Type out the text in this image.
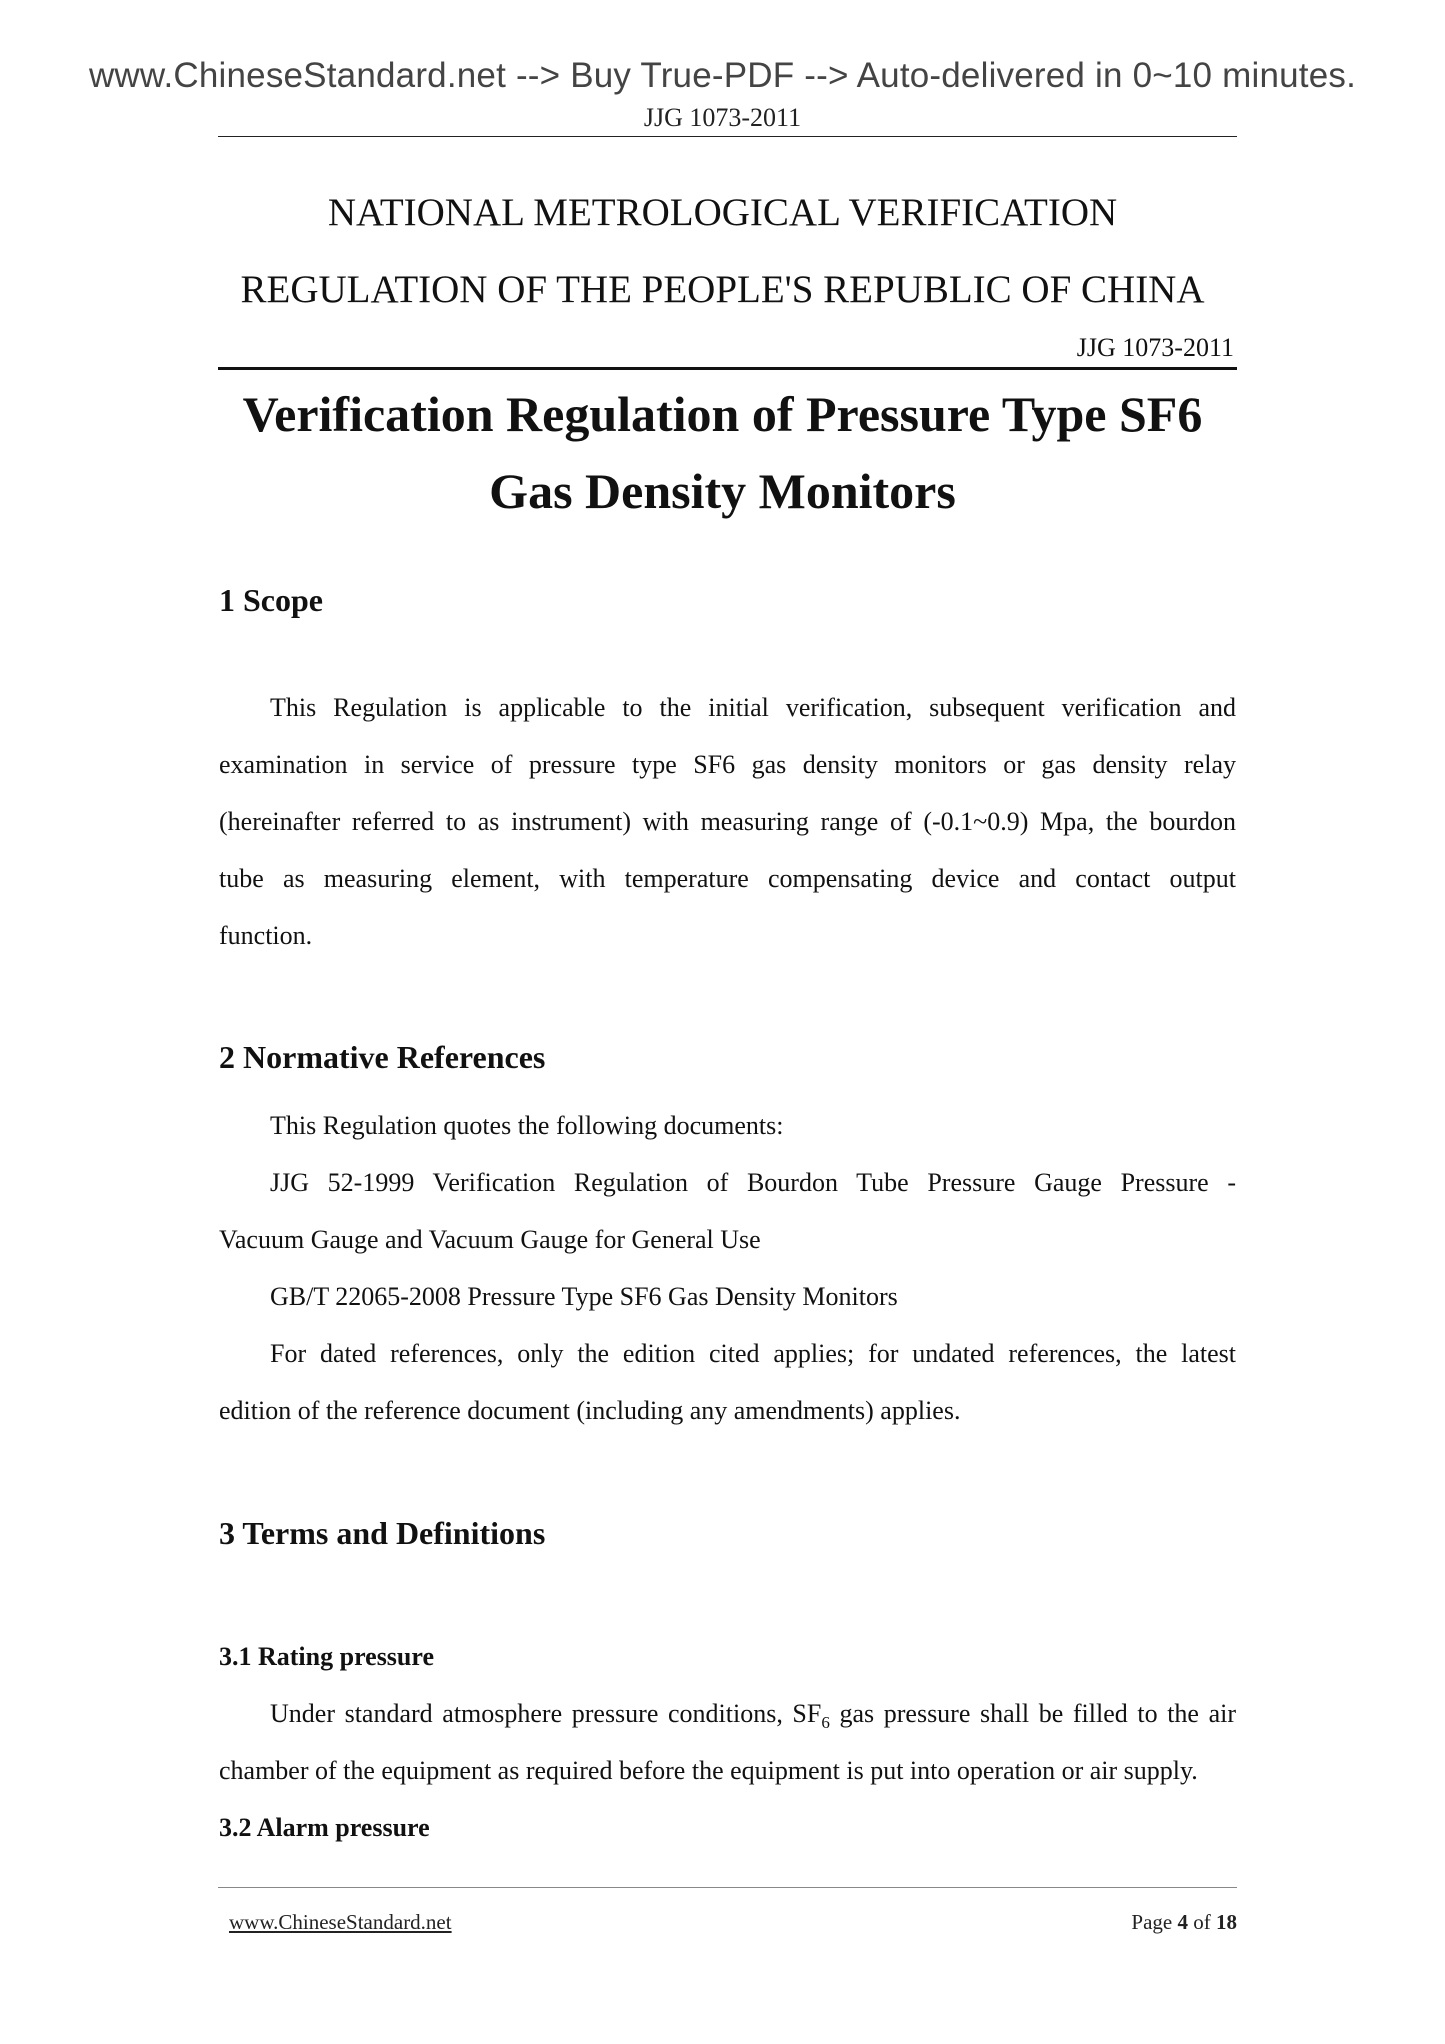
www.ChineseStandard.net --> Buy True-PDF --> Auto-delivered in 0~10 minutes.
JJG 1073-2011
NATIONAL METROLOGICAL VERIFICATION
REGULATION OF THE PEOPLE'S REPUBLIC OF CHINA
JJG 1073-2011
Verification Regulation of Pressure Type SF6
Gas Density Monitors
1 Scope
This Regulation is applicable to the initial verification, subsequent verification and
examination in service of pressure type SF6 gas density monitors or gas density relay
(hereinafter referred to as instrument) with measuring range of (-0.1~0.9) Mpa, the bourdon
tube as measuring element, with temperature compensating device and contact output
function.
2 Normative References
This Regulation quotes the following documents:
JJG 52-1999 Verification Regulation of Bourdon Tube Pressure Gauge Pressure -
Vacuum Gauge and Vacuum Gauge for General Use
GB/T 22065-2008 Pressure Type SF6 Gas Density Monitors
For dated references, only the edition cited applies; for undated references, the latest
edition of the reference document (including any amendments) applies.
3 Terms and Definitions
3.1 Rating pressure
Under standard atmosphere pressure conditions, $SF_6$ gas pressure shall be filled to the air
chamber of the equipment as required before the equipment is put into operation or air supply.
3.2 Alarm pressure
www.ChineseStandard.net	Page 4 of 18
